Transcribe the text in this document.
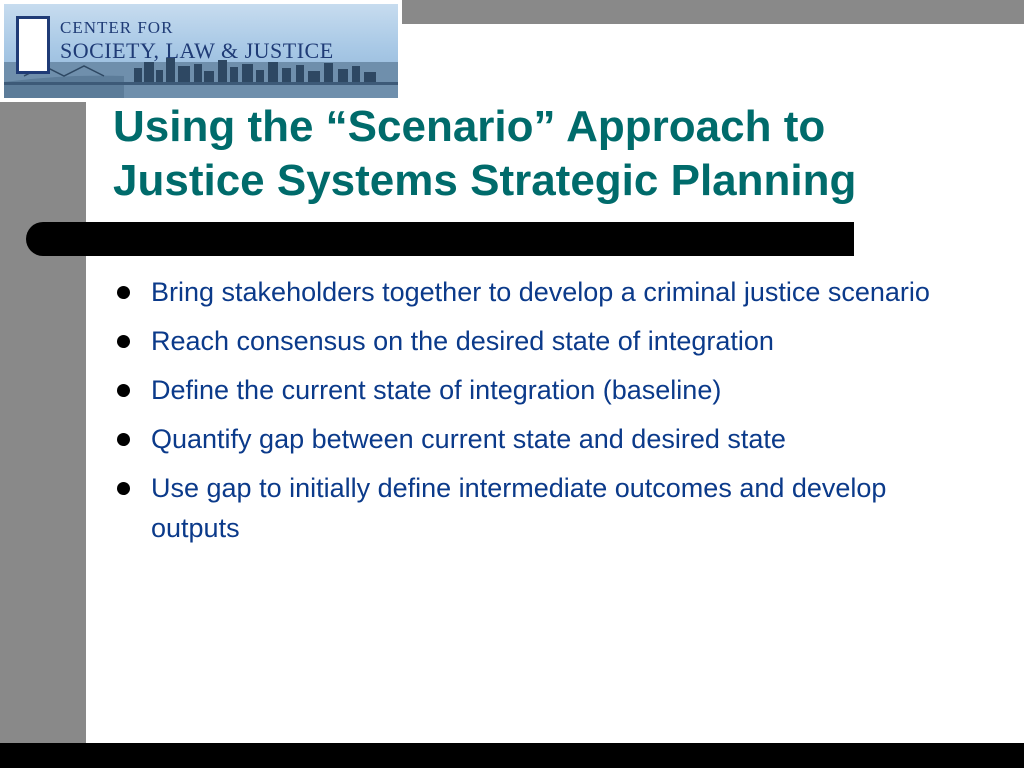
CENTER FOR
SOCIETY, LAW & JUSTICE
Using the “Scenario” Approach to
Justice Systems Strategic Planning
Bring stakeholders together to develop a criminal justice scenario
Reach consensus on the desired state of integration
Define the current state of integration (baseline)
Quantify gap between current state and desired state
Use gap to initially define intermediate outcomes and develop outputs
